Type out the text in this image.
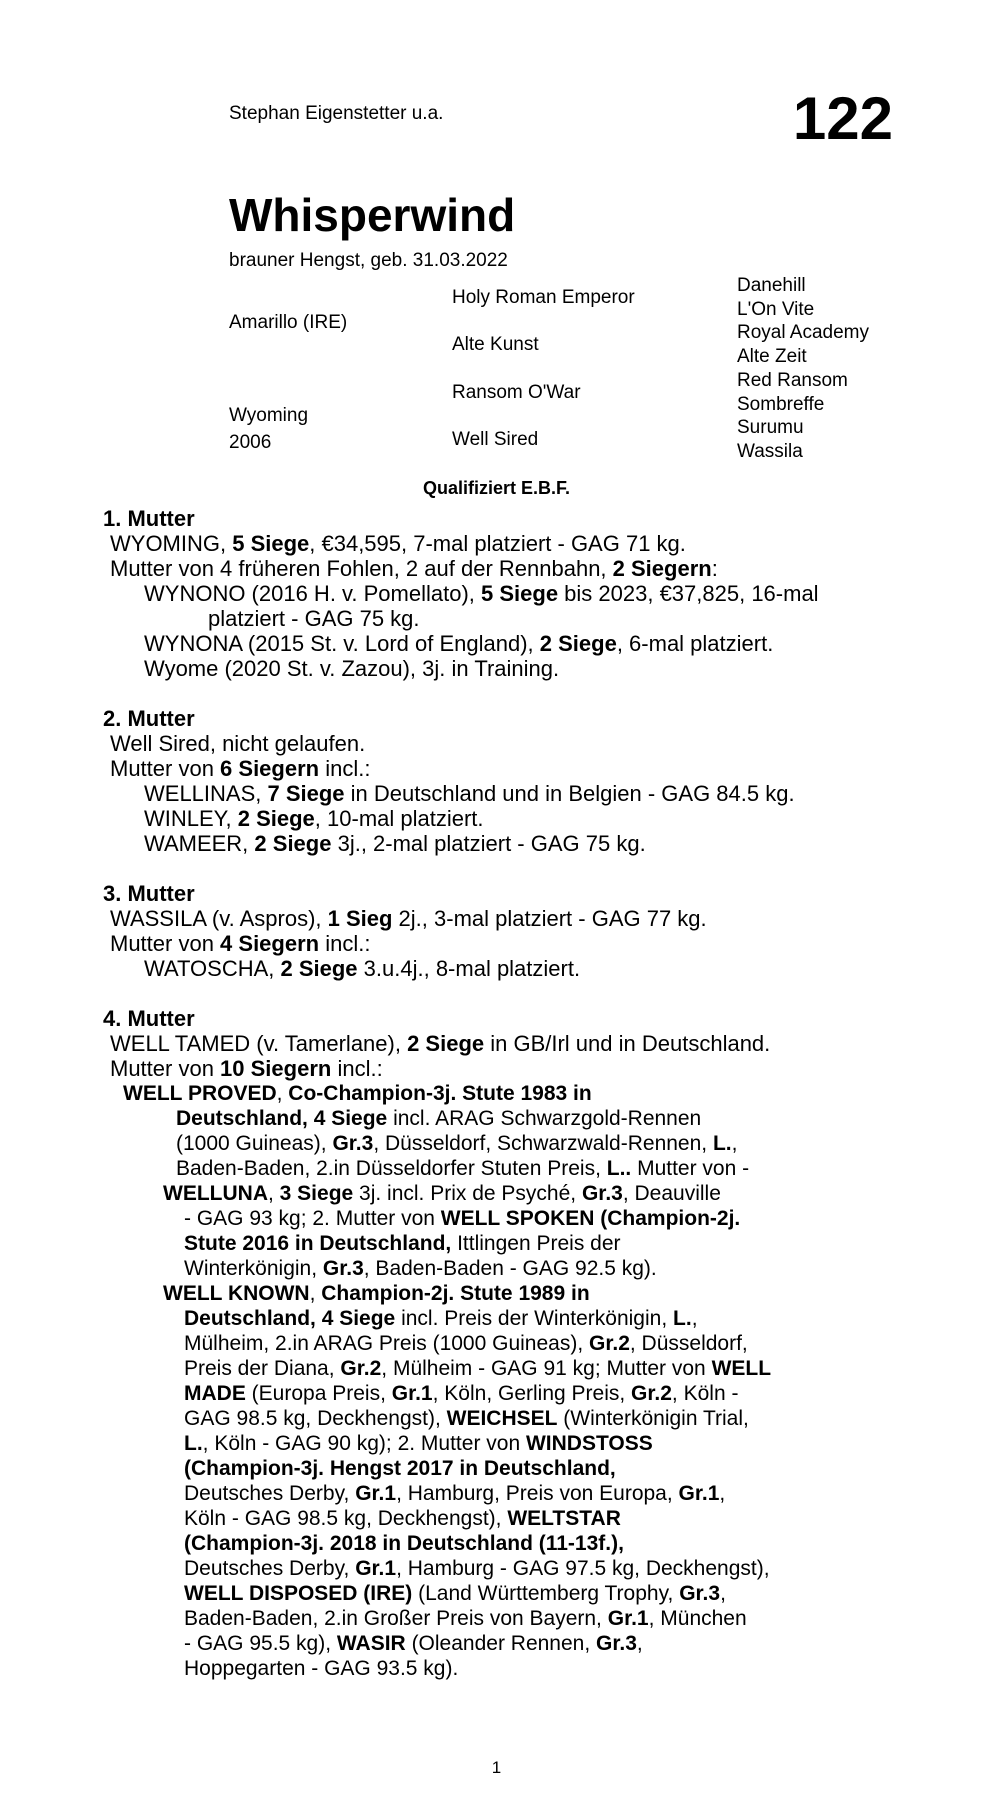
Stephan Eigenstetter u.a.	122
Whisperwind
brauner Hengst, geb. 31.03.2022
Amarillo (IRE)
Wyoming
2006
Holy Roman Emperor
Alte Kunst
Ransom O'War
Well Sired
Danehill
L'On Vite
Royal Academy
Alte Zeit
Red Ransom
Sombreffe
Surumu
Wassila
Qualifiziert E.B.F.
1. Mutter
WYOMING, 5 Siege, €34,595, 7-mal platziert - GAG 71 kg.
Mutter von 4 früheren Fohlen, 2 auf der Rennbahn, 2 Siegern:
WYNONO (2016 H. v. Pomellato), 5 Siege bis 2023, €37,825, 16-mal platziert - GAG 75 kg.
WYNONA (2015 St. v. Lord of England), 2 Siege, 6-mal platziert.
Wyome (2020 St. v. Zazou), 3j. in Training.
2. Mutter
Well Sired, nicht gelaufen.
Mutter von 6 Siegern incl.:
WELLINAS, 7 Siege in Deutschland und in Belgien - GAG 84.5 kg.
WINLEY, 2 Siege, 10-mal platziert.
WAMEER, 2 Siege 3j., 2-mal platziert - GAG 75 kg.
3. Mutter
WASSILA (v. Aspros), 1 Sieg 2j., 3-mal platziert - GAG 77 kg.
Mutter von 4 Siegern incl.:
WATOSCHA, 2 Siege 3.u.4j., 8-mal platziert.
4. Mutter
WELL TAMED (v. Tamerlane), 2 Siege in GB/Irl und in Deutschland.
Mutter von 10 Siegern incl.:
WELL PROVED, Co-Champion-3j. Stute 1983 in
Deutschland, 4 Siege incl. ARAG Schwarzgold-Rennen
(1000 Guineas), Gr.3, Düsseldorf, Schwarzwald-Rennen, L.,
Baden-Baden, 2.in Düsseldorfer Stuten Preis, L.. Mutter von -
WELLUNA, 3 Siege 3j. incl. Prix de Psyché, Gr.3, Deauville
- GAG 93 kg; 2. Mutter von WELL SPOKEN (Champion-2j.
Stute 2016 in Deutschland, Ittlingen Preis der
Winterkönigin, Gr.3, Baden-Baden - GAG 92.5 kg).
WELL KNOWN, Champion-2j. Stute 1989 in
Deutschland, 4 Siege incl. Preis der Winterkönigin, L.,
Mülheim, 2.in ARAG Preis (1000 Guineas), Gr.2, Düsseldorf,
Preis der Diana, Gr.2, Mülheim - GAG 91 kg; Mutter von WELL
MADE (Europa Preis, Gr.1, Köln, Gerling Preis, Gr.2, Köln -
GAG 98.5 kg, Deckhengst), WEICHSEL (Winterkönigin Trial,
L., Köln - GAG 90 kg); 2. Mutter von WINDSTOSS
(Champion-3j. Hengst 2017 in Deutschland,
Deutsches Derby, Gr.1, Hamburg, Preis von Europa, Gr.1,
Köln - GAG 98.5 kg, Deckhengst), WELTSTAR
(Champion-3j. 2018 in Deutschland (11-13f.),
Deutsches Derby, Gr.1, Hamburg - GAG 97.5 kg, Deckhengst),
WELL DISPOSED (IRE) (Land Württemberg Trophy, Gr.3,
Baden-Baden, 2.in Großer Preis von Bayern, Gr.1, München
- GAG 95.5 kg), WASIR (Oleander Rennen, Gr.3,
Hoppegarten - GAG 93.5 kg).
1
